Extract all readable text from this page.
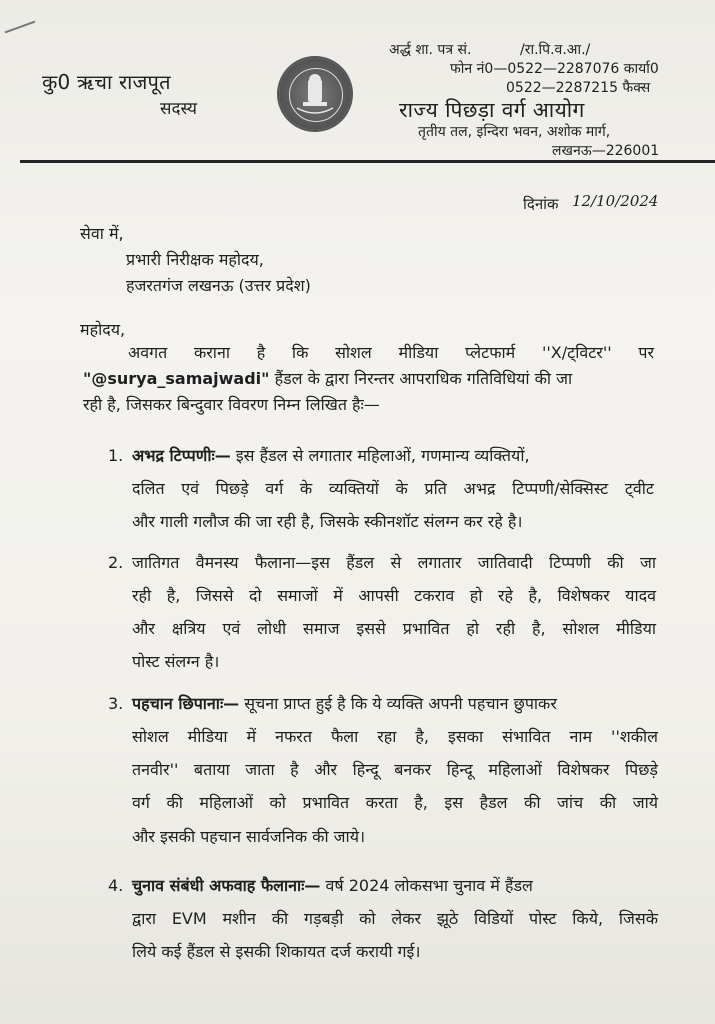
कु0 ऋचा राजपूत
सदस्य
अर्द्ध शा. पत्र सं.	/रा.पि.व.आ./
फोन नं0—0522—2287076 कार्या0
0522—2287215 फैक्स
राज्य पिछड़ा वर्ग आयोग
तृतीय तल, इन्दिरा भवन, अशोक मार्ग,
लखनऊ—226001
दिनांक 12/10/2024
सेवा में,
प्रभारी निरीक्षक महोदय,
हजरतगंज लखनऊ (उत्तर प्रदेश)
महोदय,
अवगत कराना है कि सोशल मीडिया प्लेटफार्म ''X/ट्विटर'' पर
"@surya_samajwadi" हैंडल के द्वारा निरन्तर आपराधिक गतिविधियां की जा
रही है, जिसकर बिन्दुवार विवरण निम्न लिखित हैः—
1. अभद्र टिप्पणीः— इस हैंडल से लगातार महिलाओं, गणमान्य व्यक्तियों,
दलित एवं पिछड़े वर्ग के व्यक्तियों के प्रति अभद्र टिप्पणी/सेक्सिस्ट ट्वीट
और गाली गलौज की जा रही है, जिसके स्कीनशॉट संलग्न कर रहे है।
2. जातिगत वैमनस्य फैलाना—इस हैंडल से लगातार जातिवादी टिप्पणी की जा
रही है, जिससे दो समाजों में आपसी टकराव हो रहे है, विशेषकर यादव
और क्षत्रिय एवं लोधी समाज इससे प्रभावित हो रही है, सोशल मीडिया
पोस्ट संलग्न है।
3. पहचान छिपानाः— सूचना प्राप्त हुई है कि ये व्यक्ति अपनी पहचान छुपाकर
सोशल मीडिया में नफरत फैला रहा है, इसका संभावित नाम ''शकील
तनवीर'' बताया जाता है और हिन्दू बनकर हिन्दू महिलाओं विशेषकर पिछड़े
वर्ग की महिलाओं को प्रभावित करता है, इस हैडल की जांच की जाये
और इसकी पहचान सार्वजनिक की जाये।
4. चुनाव संबंधी अफवाह फैलानाः— वर्ष 2024 लोकसभा चुनाव में हैंडल
द्वारा EVM मशीन की गड़बड़ी को लेकर झूठे विडियों पोस्ट किये, जिसके
लिये कई हैंडल से इसकी शिकायत दर्ज करायी गई।
